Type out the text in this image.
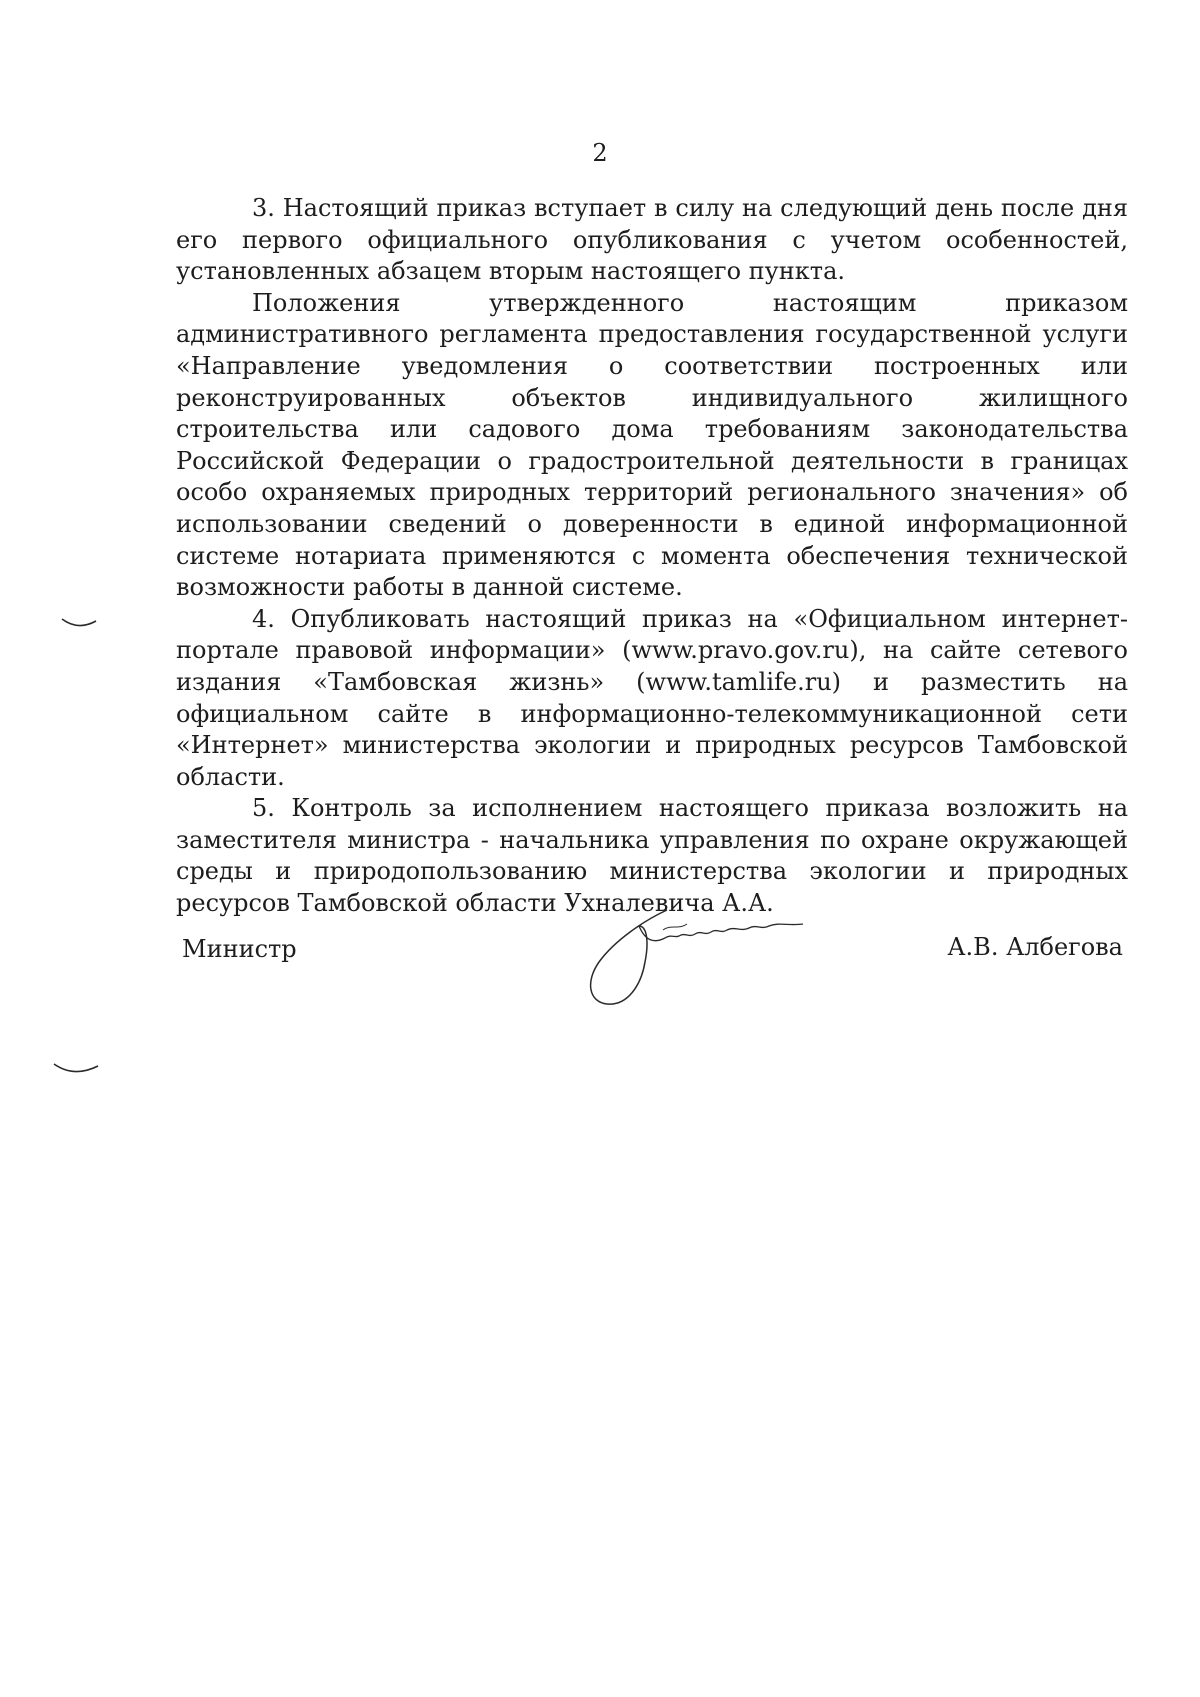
2

3. Настоящий приказ вступает в силу на следующий день после дня его первого официального опубликования с учетом особенностей, установленных абзацем вторым настоящего пункта.

Положения утвержденного настоящим приказом административного регламента предоставления государственной услуги «Направление уведомления о соответствии построенных или реконструированных объектов индивидуального жилищного строительства или садового дома требованиям законодательства Российской Федерации о градостроительной деятельности в границах особо охраняемых природных территорий регионального значения» об использовании сведений о доверенности в единой информационной системе нотариата применяются с момента обеспечения технической возможности работы в данной системе.

4. Опубликовать настоящий приказ на «Официальном интернет-портале правовой информации» (www.pravo.gov.ru), на сайте сетевого издания «Тамбовская жизнь» (www.tamlife.ru) и разместить на официальном сайте в информационно-телекоммуникационной сети «Интернет» министерства экологии и природных ресурсов Тамбовской области.

5. Контроль за исполнением настоящего приказа возложить на заместителя министра - начальника управления по охране окружающей среды и природопользованию министерства экологии и природных ресурсов Тамбовской области Ухналевича А.А.

Министр	А.В. Албегова
